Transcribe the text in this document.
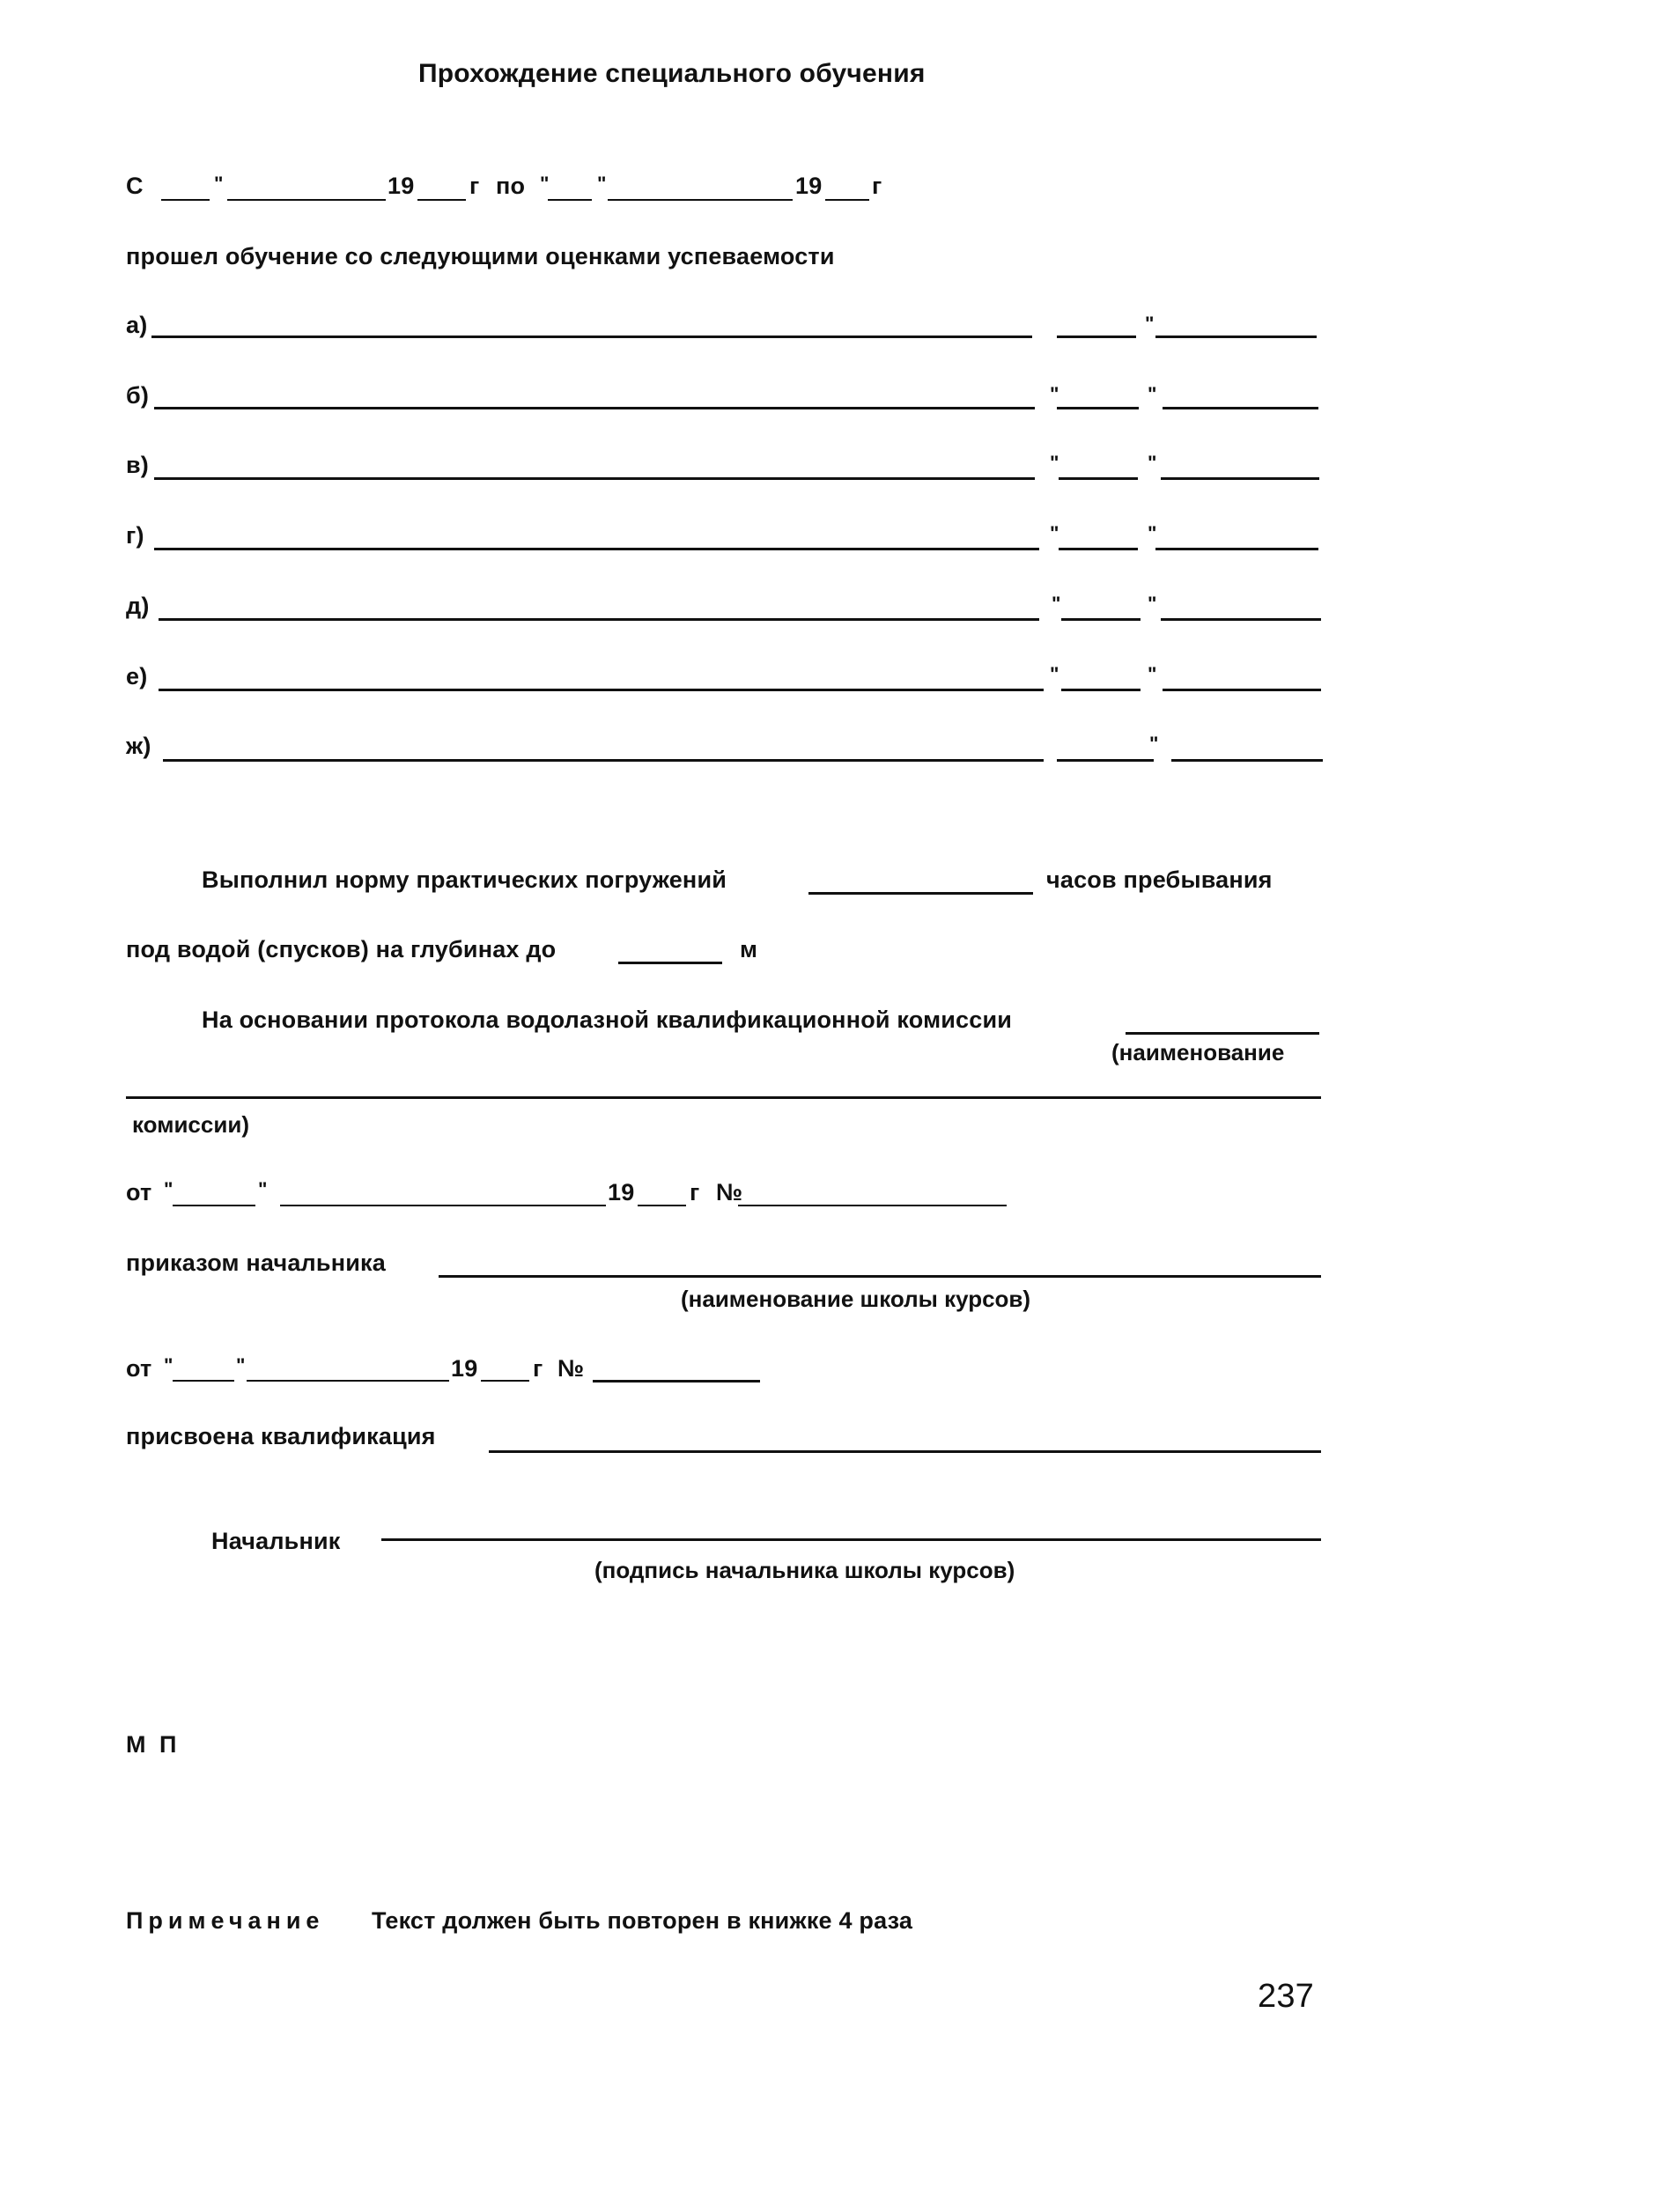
Прохождение специального обучения
С	"	19 г по " "	19 г
прошел обучение со следующими оценками успеваемости
а)	"
б)	"	"
в)	"	"
г)	"	"
д)	"	"
е)	"	"
ж)	"
Выполнил норму практических погружений	часов пребывания
под водой (спусков) на глубинах до	м
На основании протокола водолазной квалификационной комиссии
(наименование
комиссии)
от "	"	19 г №
приказом начальника
(наименование школы курсов)
от "	"	19 г №
присвоена квалификация
Начальник
(подпись начальника школы курсов)
М П
Примечание Текст должен быть повторен в книжке 4 раза
237
